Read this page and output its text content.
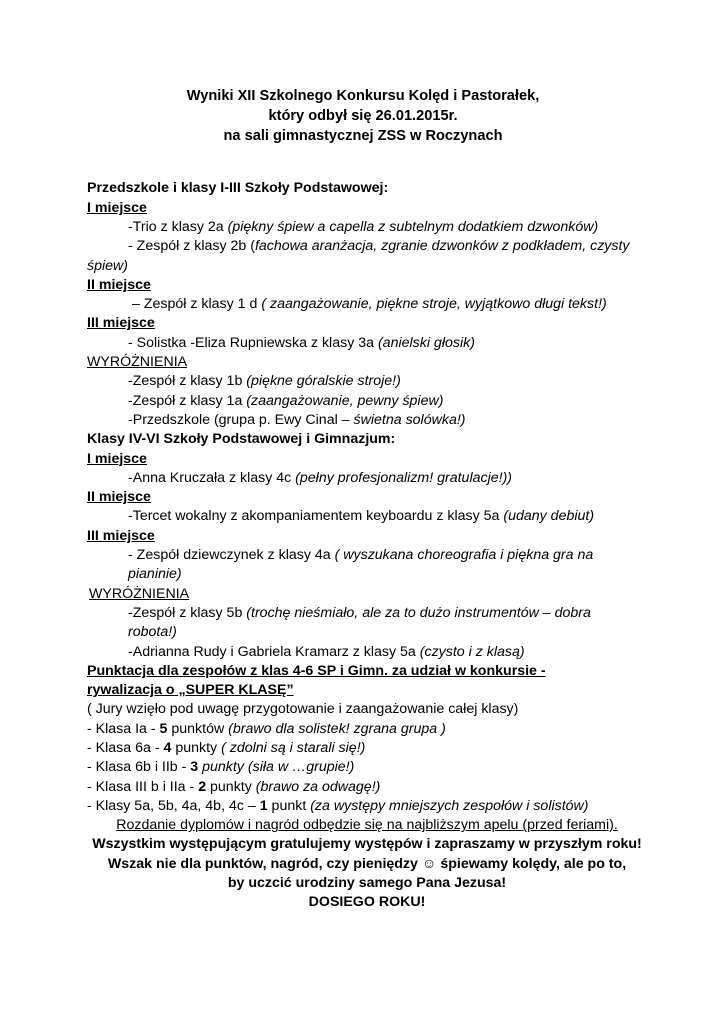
Wyniki XII Szkolnego Konkursu Kolęd i Pastorałek,
który odbył się 26.01.2015r.
na sali gimnastycznej ZSS w Roczynach
Przedszkole i klasy I-III Szkoły Podstawowej:
I miejsce
-Trio z klasy 2a (piękny śpiew a capella z subtelnym dodatkiem dzwonków)
- Zespół z klasy 2b (fachowa aranżacja, zgranie dzwonków z podkładem, czysty śpiew)
II miejsce
– Zespół z klasy 1 d ( zaangażowanie, piękne stroje, wyjątkowo długi tekst!)
III miejsce
- Solistka -Eliza Rupniewska z klasy 3a (anielski głosik)
WYRÓŻNIENIA
-Zespół z klasy 1b (piękne góralskie stroje!)
-Zespół z klasy 1a (zaangażowanie, pewny śpiew)
-Przedszkole (grupa p. Ewy Cinal – świetna solówka!)
Klasy IV-VI Szkoły Podstawowej i Gimnazjum:
I miejsce
-Anna Kruczała z klasy 4c (pełny profesjonalizm! gratulacje!))
II miejsce
-Tercet wokalny z akompaniamentem keyboardu z klasy 5a (udany debiut)
III miejsce
- Zespół dziewczynek z klasy 4a ( wyszukana choreografia i piękna gra na pianinie)
WYRÓŻNIENIA
-Zespół z klasy 5b (trochę nieśmiało, ale za to dużo instrumentów – dobra robota!)
-Adrianna Rudy i Gabriela Kramarz z klasy 5a (czysto i z klasą)
Punktacja dla zespołów z klas 4-6 SP i Gimn. za udział w konkursie -
rywalizacja o „SUPER KLASĘ”
( Jury wzięło pod uwagę przygotowanie i zaangażowanie całej klasy)
- Klasa Ia - 5 punktów (brawo dla solistek! zgrana grupa )
- Klasa 6a - 4 punkty ( zdolni są i starali się!)
- Klasa 6b i IIb - 3 punkty (siła w …grupie!)
- Klasa III b i IIa - 2 punkty (brawo za odwagę!)
- Klasy 5a, 5b, 4a, 4b, 4c – 1 punkt (za występy mniejszych zespołów i solistów)
Rozdanie dyplomów i nagród odbędzie się na najbliższym apelu (przed feriami).
Wszystkim występującym gratulujemy występów i zapraszamy w przyszłym roku!
Wszak nie dla punktów, nagród, czy pieniędzy ☺ śpiewamy kolędy, ale po to,
by uczcić urodziny samego Pana Jezusa!
DOSIEGO ROKU!
